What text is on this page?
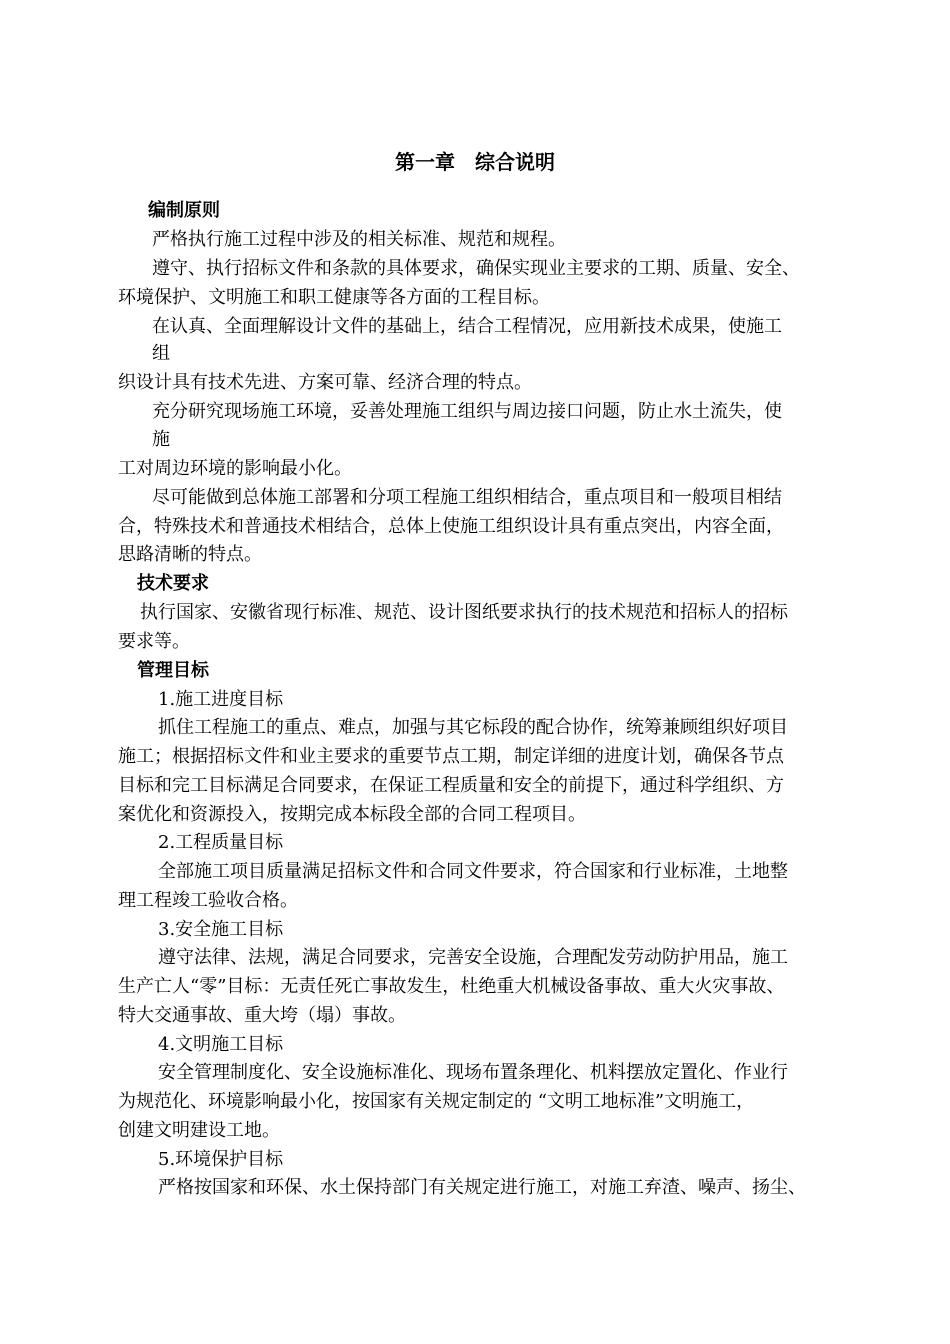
第一章　综合说明
编制原则
严格执行施工过程中涉及的相关标准、规范和规程。
遵守、执行招标文件和条款的具体要求，确保实现业主要求的工期、质量、安全、
环境保护、文明施工和职工健康等各方面的工程目标。
在认真、全面理解设计文件的基础上，结合工程情况，应用新技术成果，使施工
组
织设计具有技术先进、方案可靠、经济合理的特点。
充分研究现场施工环境，妥善处理施工组织与周边接口问题，防止水土流失，使
施
工对周边环境的影响最小化。
尽可能做到总体施工部署和分项工程施工组织相结合，重点项目和一般项目相结
合，特殊技术和普通技术相结合，总体上使施工组织设计具有重点突出，内容全面，
思路清晰的特点。
技术要求
执行国家、安徽省现行标准、规范、设计图纸要求执行的技术规范和招标人的招标
要求等。
管理目标
1.施工进度目标
抓住工程施工的重点、难点，加强与其它标段的配合协作，统筹兼顾组织好项目
施工；根据招标文件和业主要求的重要节点工期，制定详细的进度计划，确保各节点
目标和完工目标满足合同要求，在保证工程质量和安全的前提下，通过科学组织、方
案优化和资源投入，按期完成本标段全部的合同工程项目。
2.工程质量目标
全部施工项目质量满足招标文件和合同文件要求，符合国家和行业标准，土地整
理工程竣工验收合格。
3.安全施工目标
遵守法律、法规，满足合同要求，完善安全设施，合理配发劳动防护用品，施工
生产亡人“零”目标：无责任死亡事故发生，杜绝重大机械设备事故、重大火灾事故、
特大交通事故、重大垮（塌）事故。
4.文明施工目标
安全管理制度化、安全设施标准化、现场布置条理化、机料摆放定置化、作业行
为规范化、环境影响最小化，按国家有关规定制定的 “文明工地标准”文明施工，
创建文明建设工地。
5.环境保护目标
严格按国家和环保、水土保持部门有关规定进行施工，对施工弃渣、噪声、扬尘、
